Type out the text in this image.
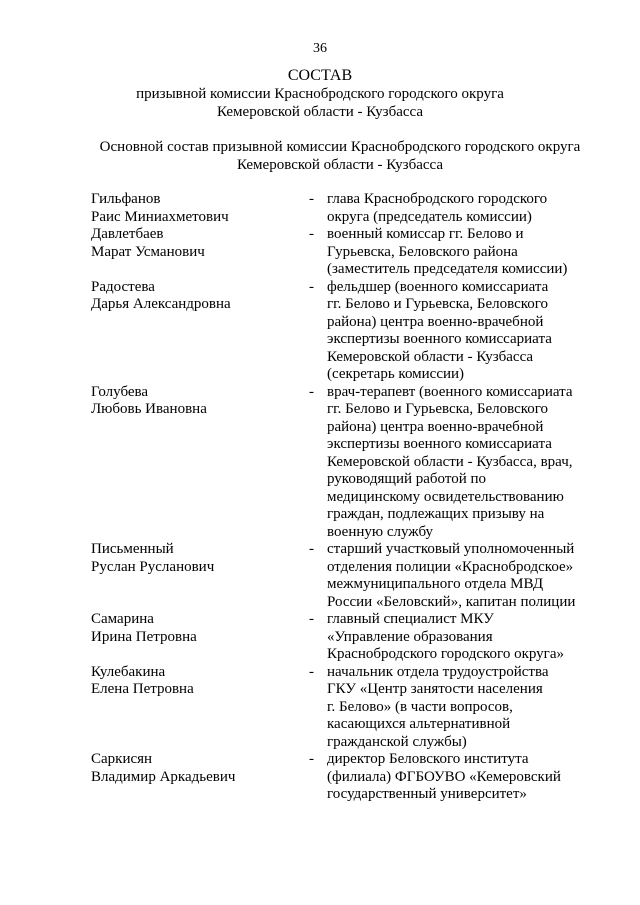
36
СОСТАВ
призывной комиссии Краснобродского городского округа
Кемеровской области - Кузбасса
Основной состав призывной комиссии Краснобродского городского округа
Кемеровской области - Кузбасса
Гильфанов
Раис Миниахметович
- глава Краснобродского городского
округа (председатель комиссии)
Давлетбаев
Марат Усманович
- военный комиссар гг. Белово и
Гурьевска, Беловского района
(заместитель председателя комиссии)
Радостева
Дарья Александровна
- фельдшер (военного комиссариата
гг. Белово и Гурьевска, Беловского
района) центра военно-врачебной
экспертизы военного комиссариата
Кемеровской области - Кузбасса
(секретарь комиссии)
Голубева
Любовь Ивановна
- врач-терапевт (военного комиссариата
гг. Белово и Гурьевска, Беловского
района) центра военно-врачебной
экспертизы военного комиссариата
Кемеровской области - Кузбасса, врач,
руководящий работой по
медицинскому освидетельствованию
граждан, подлежащих призыву на
военную службу
Письменный
Руслан Русланович
- старший участковый уполномоченный
отделения полиции «Краснобродское»
межмуниципального отдела МВД
России «Беловский», капитан полиции
Самарина
Ирина Петровна
- главный специалист МКУ
«Управление образования
Краснобродского городского округа»
Кулебакина
Елена Петровна
- начальник отдела трудоустройства
ГКУ «Центр занятости населения
г. Белово» (в части вопросов,
касающихся альтернативной
гражданской службы)
Саркисян
Владимир Аркадьевич
- директор Беловского института
(филиала) ФГБОУВО «Кемеровский
государственный университет»
